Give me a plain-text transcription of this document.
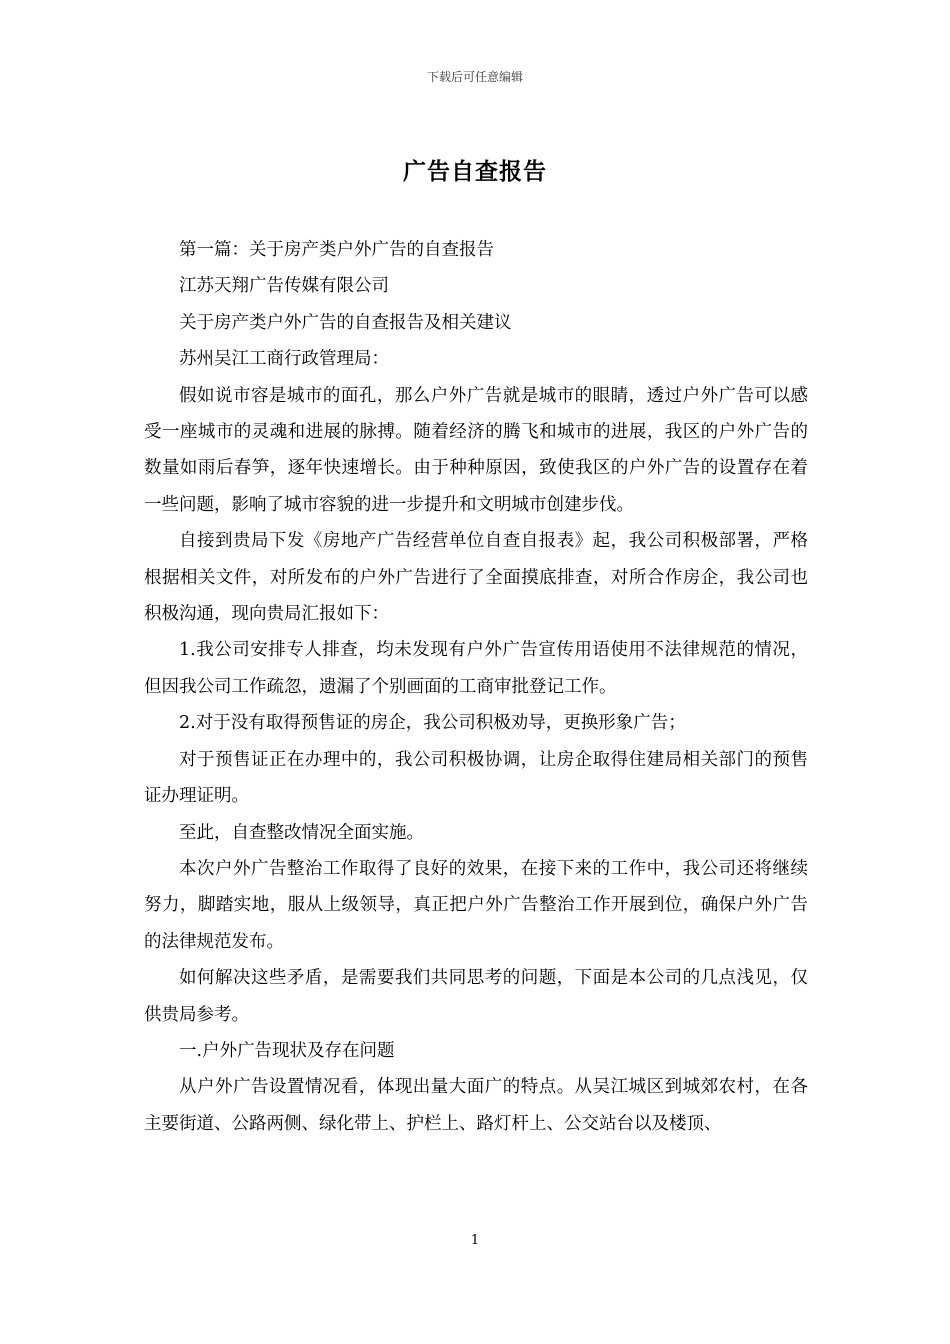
下载后可任意编辑
广告自查报告

第一篇：关于房产类户外广告的自查报告

江苏天翔广告传媒有限公司

关于房产类户外广告的自查报告及相关建议

苏州吴江工商行政管理局：

假如说市容是城市的面孔，那么户外广告就是城市的眼睛，透过户外广告可以感受一座城市的灵魂和进展的脉搏。随着经济的腾飞和城市的进展，我区的户外广告的数量如雨后春笋，逐年快速增长。由于种种原因，致使我区的户外广告的设置存在着一些问题，影响了城市容貌的进一步提升和文明城市创建步伐。

自接到贵局下发《房地产广告经营单位自查自报表》起，我公司积极部署，严格根据相关文件，对所发布的户外广告进行了全面摸底排查，对所合作房企，我公司也积极沟通，现向贵局汇报如下：

1.我公司安排专人排查，均未发现有户外广告宣传用语使用不法律规范的情况，但因我公司工作疏忽，遗漏了个别画面的工商审批登记工作。

2.对于没有取得预售证的房企，我公司积极劝导，更换形象广告；

对于预售证正在办理中的，我公司积极协调，让房企取得住建局相关部门的预售证办理证明。

至此，自查整改情况全面实施。

本次户外广告整治工作取得了良好的效果，在接下来的工作中，我公司还将继续努力，脚踏实地，服从上级领导，真正把户外广告整治工作开展到位，确保户外广告的法律规范发布。

如何解决这些矛盾，是需要我们共同思考的问题，下面是本公司的几点浅见，仅供贵局参考。

一.户外广告现状及存在问题

从户外广告设置情况看，体现出量大面广的特点。从吴江城区到城郊农村，在各主要街道、公路两侧、绿化带上、护栏上、路灯杆上、公交站台以及楼顶、

1
